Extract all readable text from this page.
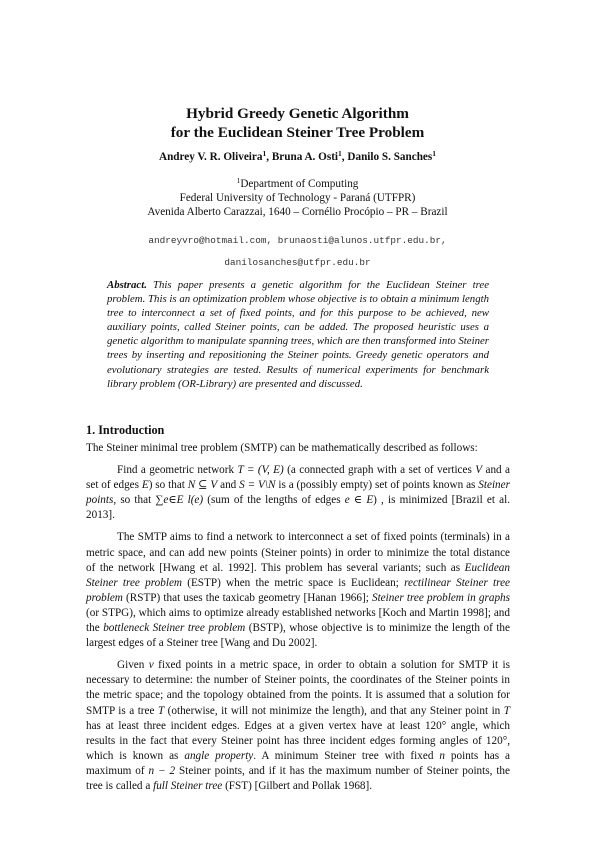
Hybrid Greedy Genetic Algorithm
for the Euclidean Steiner Tree Problem
Andrey V. R. Oliveira$^1$, Bruna A. Osti$^1$, Danilo S. Sanches$^1$
$^1$Department of Computing
Federal University of Technology - Paraná (UTFPR)
Avenida Alberto Carazzai, 1640 – Cornélio Procópio – PR – Brazil
andreyvro@hotmail.com, brunaosti@alunos.utfpr.edu.br,
danilosanches@utfpr.edu.br
Abstract. This paper presents a genetic algorithm for the Euclidean Steiner tree problem. This is an optimization problem whose objective is to obtain a minimum length tree to interconnect a set of fixed points, and for this purpose to be achieved, new auxiliary points, called Steiner points, can be added. The proposed heuristic uses a genetic algorithm to manipulate spanning trees, which are then transformed into Steiner trees by inserting and repositioning the Steiner points. Greedy genetic operators and evolutionary strategies are tested. Results of numerical experiments for benchmark library problem (OR-Library) are presented and discussed.
1. Introduction

The Steiner minimal tree problem (SMTP) can be mathematically described as follows:

Find a geometric network T = (V, E) (a connected graph with a set of vertices V and a set of edges E) so that N ⊆ V and S = V\N is a (possibly empty) set of points known as Steiner points, so that ∑e∈E l(e) (sum of the lengths of edges e ∈ E) , is minimized [Brazil et al. 2013].

The SMTP aims to find a network to interconnect a set of fixed points (terminals) in a metric space, and can add new points (Steiner points) in order to minimize the total distance of the network [Hwang et al. 1992]. This problem has several variants; such as Euclidean Steiner tree problem (ESTP) when the metric space is Euclidean; rectilinear Steiner tree problem (RSTP) that uses the taxicab geometry [Hanan 1966]; Steiner tree problem in graphs (or STPG), which aims to optimize already established networks [Koch and Martin 1998]; and the bottleneck Steiner tree problem (BSTP), whose objective is to minimize the length of the largest edges of a Steiner tree [Wang and Du 2002].

Given v fixed points in a metric space, in order to obtain a solution for SMTP it is necessary to determine: the number of Steiner points, the coordinates of the Steiner points in the metric space; and the topology obtained from the points. It is assumed that a solution for SMTP is a tree T (otherwise, it will not minimize the length), and that any Steiner point in T has at least three incident edges. Edges at a given vertex have at least 120° angle, which results in the fact that every Steiner point has three incident edges forming angles of 120°, which is known as angle property. A minimum Steiner tree with fixed n points has a maximum of n − 2 Steiner points, and if it has the maximum number of Steiner points, the tree is called a full Steiner tree (FST) [Gilbert and Pollak 1968].
